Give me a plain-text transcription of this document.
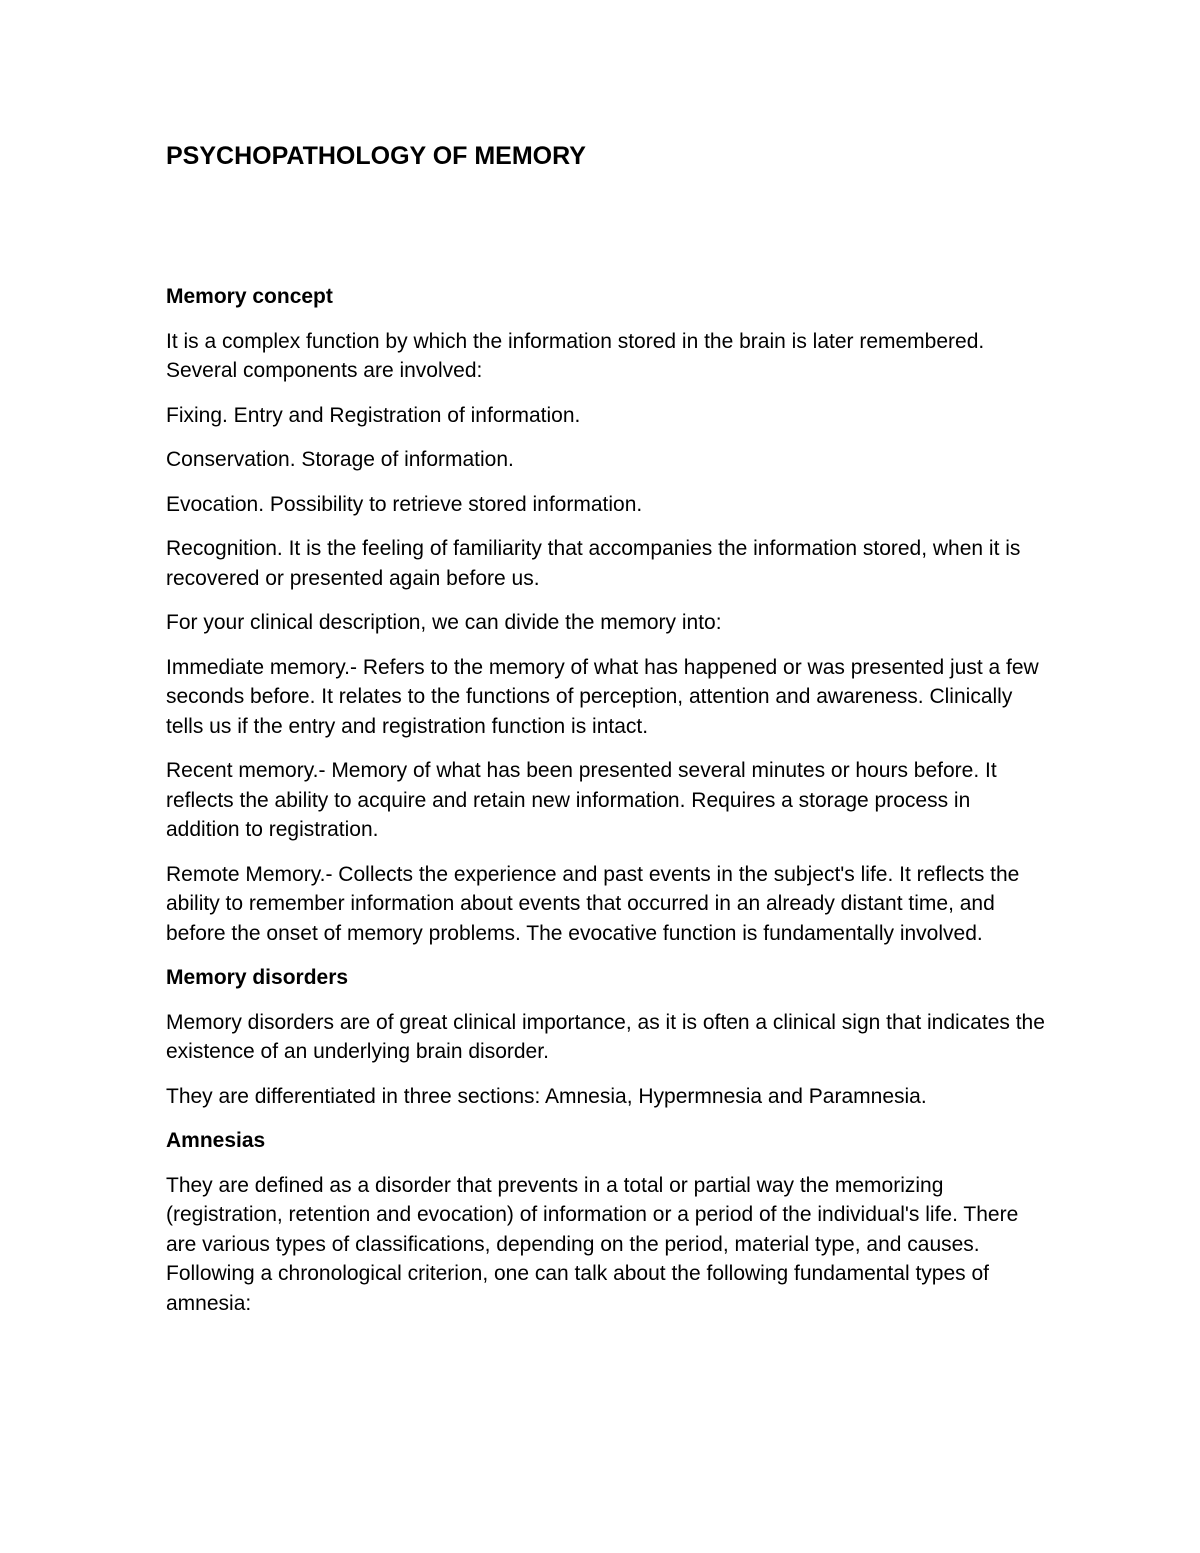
PSYCHOPATHOLOGY OF MEMORY
Memory concept

It is a complex function by which the information stored in the brain is later remembered. Several components are involved:

Fixing. Entry and Registration of information.

Conservation. Storage of information.

Evocation. Possibility to retrieve stored information.

Recognition. It is the feeling of familiarity that accompanies the information stored, when it is recovered or presented again before us.

For your clinical description, we can divide the memory into:

Immediate memory.- Refers to the memory of what has happened or was presented just a few seconds before. It relates to the functions of perception, attention and awareness. Clinically tells us if the entry and registration function is intact.

Recent memory.- Memory of what has been presented several minutes or hours before. It reflects the ability to acquire and retain new information. Requires a storage process in addition to registration.

Remote Memory.- Collects the experience and past events in the subject's life. It reflects the ability to remember information about events that occurred in an already distant time, and before the onset of memory problems. The evocative function is fundamentally involved.

Memory disorders

Memory disorders are of great clinical importance, as it is often a clinical sign that indicates the existence of an underlying brain disorder.

They are differentiated in three sections: Amnesia, Hypermnesia and Paramnesia.

Amnesias

They are defined as a disorder that prevents in a total or partial way the memorizing (registration, retention and evocation) of information or a period of the individual's life. There are various types of classifications, depending on the period, material type, and causes. Following a chronological criterion, one can talk about the following fundamental types of amnesia:
